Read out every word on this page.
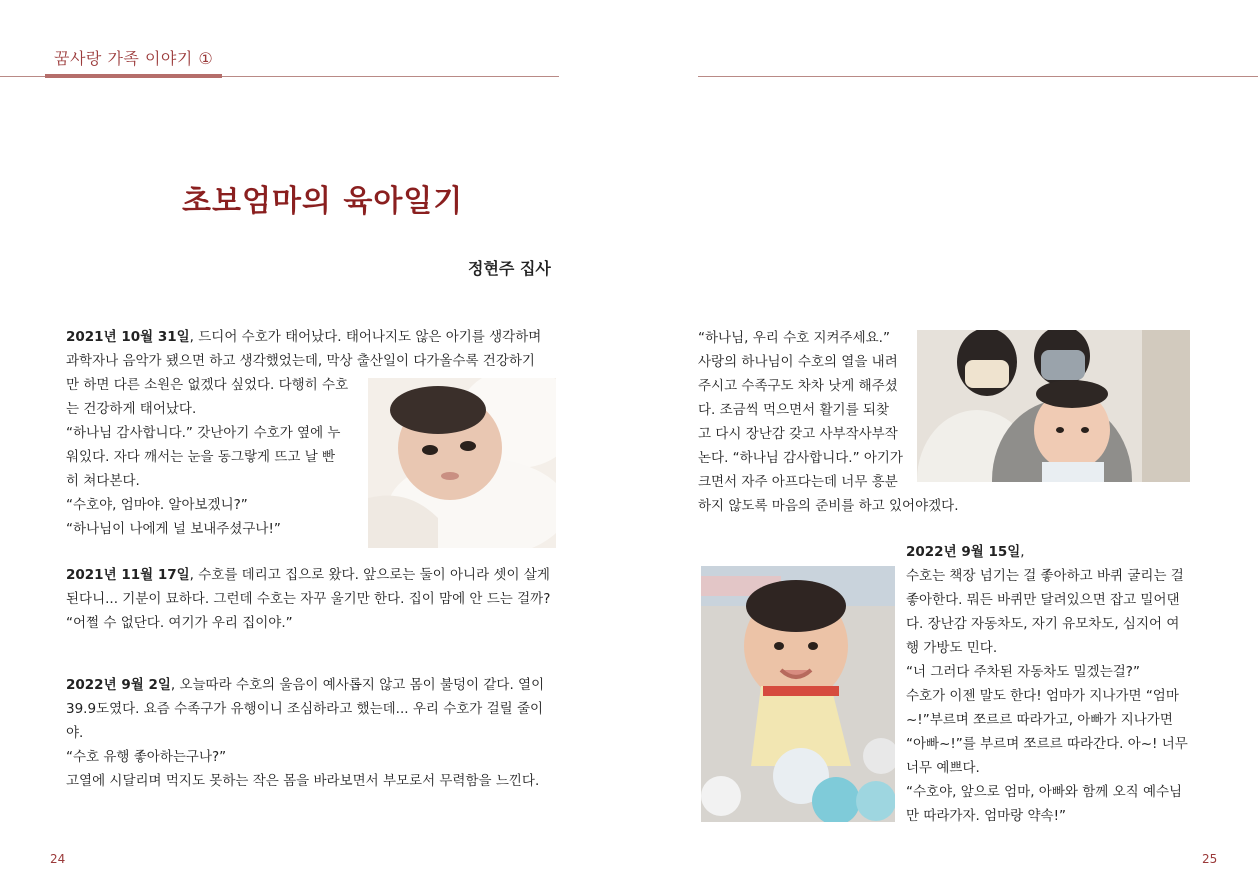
꿈사랑 가족 이야기 ①
초보엄마의 육아일기
정현주 집사
2021년 10월 31일, 드디어 수호가 태어났다. 태어나지도 않은 아기를 생각하며
과학자나 음악가 됐으면 하고 생각했었는데, 막상 출산일이 다가올수록 건강하기
만 하면 다른 소원은 없겠다 싶었다. 다행히 수호
는 건강하게 태어났다.
“하나님 감사합니다.” 갓난아기 수호가 옆에 누
워있다. 자다 깨서는 눈을 동그랗게 뜨고 날 빤
히 쳐다본다.
“수호야, 엄마야. 알아보겠니?”
“하나님이 나에게 널 보내주셨구나!”
2021년 11월 17일, 수호를 데리고 집으로 왔다. 앞으로는 둘이 아니라 셋이 살게
된다니... 기분이 묘하다. 그런데 수호는 자꾸 울기만 한다. 집이 맘에 안 드는 걸까?
“어쩔 수 없단다. 여기가 우리 집이야.”
2022년 9월 2일, 오늘따라 수호의 울음이 예사롭지 않고 몸이 불덩이 같다. 열이
39.9도였다. 요즘 수족구가 유행이니 조심하라고 했는데... 우리 수호가 걸릴 줄이
야.
“수호 유행 좋아하는구나?”
고열에 시달리며 먹지도 못하는 작은 몸을 바라보면서 부모로서 무력함을 느낀다.
24
“하나님, 우리 수호 지켜주세요.”
사랑의 하나님이 수호의 열을 내려
주시고 수족구도 차차 낫게 해주셨
다. 조금씩 먹으면서 활기를 되찾
고 다시 장난감 갖고 사부작사부작
논다. “하나님 감사합니다.” 아기가
크면서 자주 아프다는데 너무 흥분
하지 않도록 마음의 준비를 하고 있어야겠다.
2022년 9월 15일,
수호는 책장 넘기는 걸 좋아하고 바퀴 굴리는 걸
좋아한다. 뭐든 바퀴만 달려있으면 잡고 밀어댄
다. 장난감 자동차도, 자기 유모차도, 심지어 여
행 가방도 민다.
“너 그러다 주차된 자동차도 밀겠는걸?”
수호가 이젠 말도 한다! 엄마가 지나가면 “엄마
~!”부르며 쪼르르 따라가고, 아빠가 지나가면
“아빠~!”를 부르며 쪼르르 따라간다. 아~! 너무
너무 예쁘다.
“수호야, 앞으로 엄마, 아빠와 함께 오직 예수님
만 따라가자. 엄마랑 약속!”
25
